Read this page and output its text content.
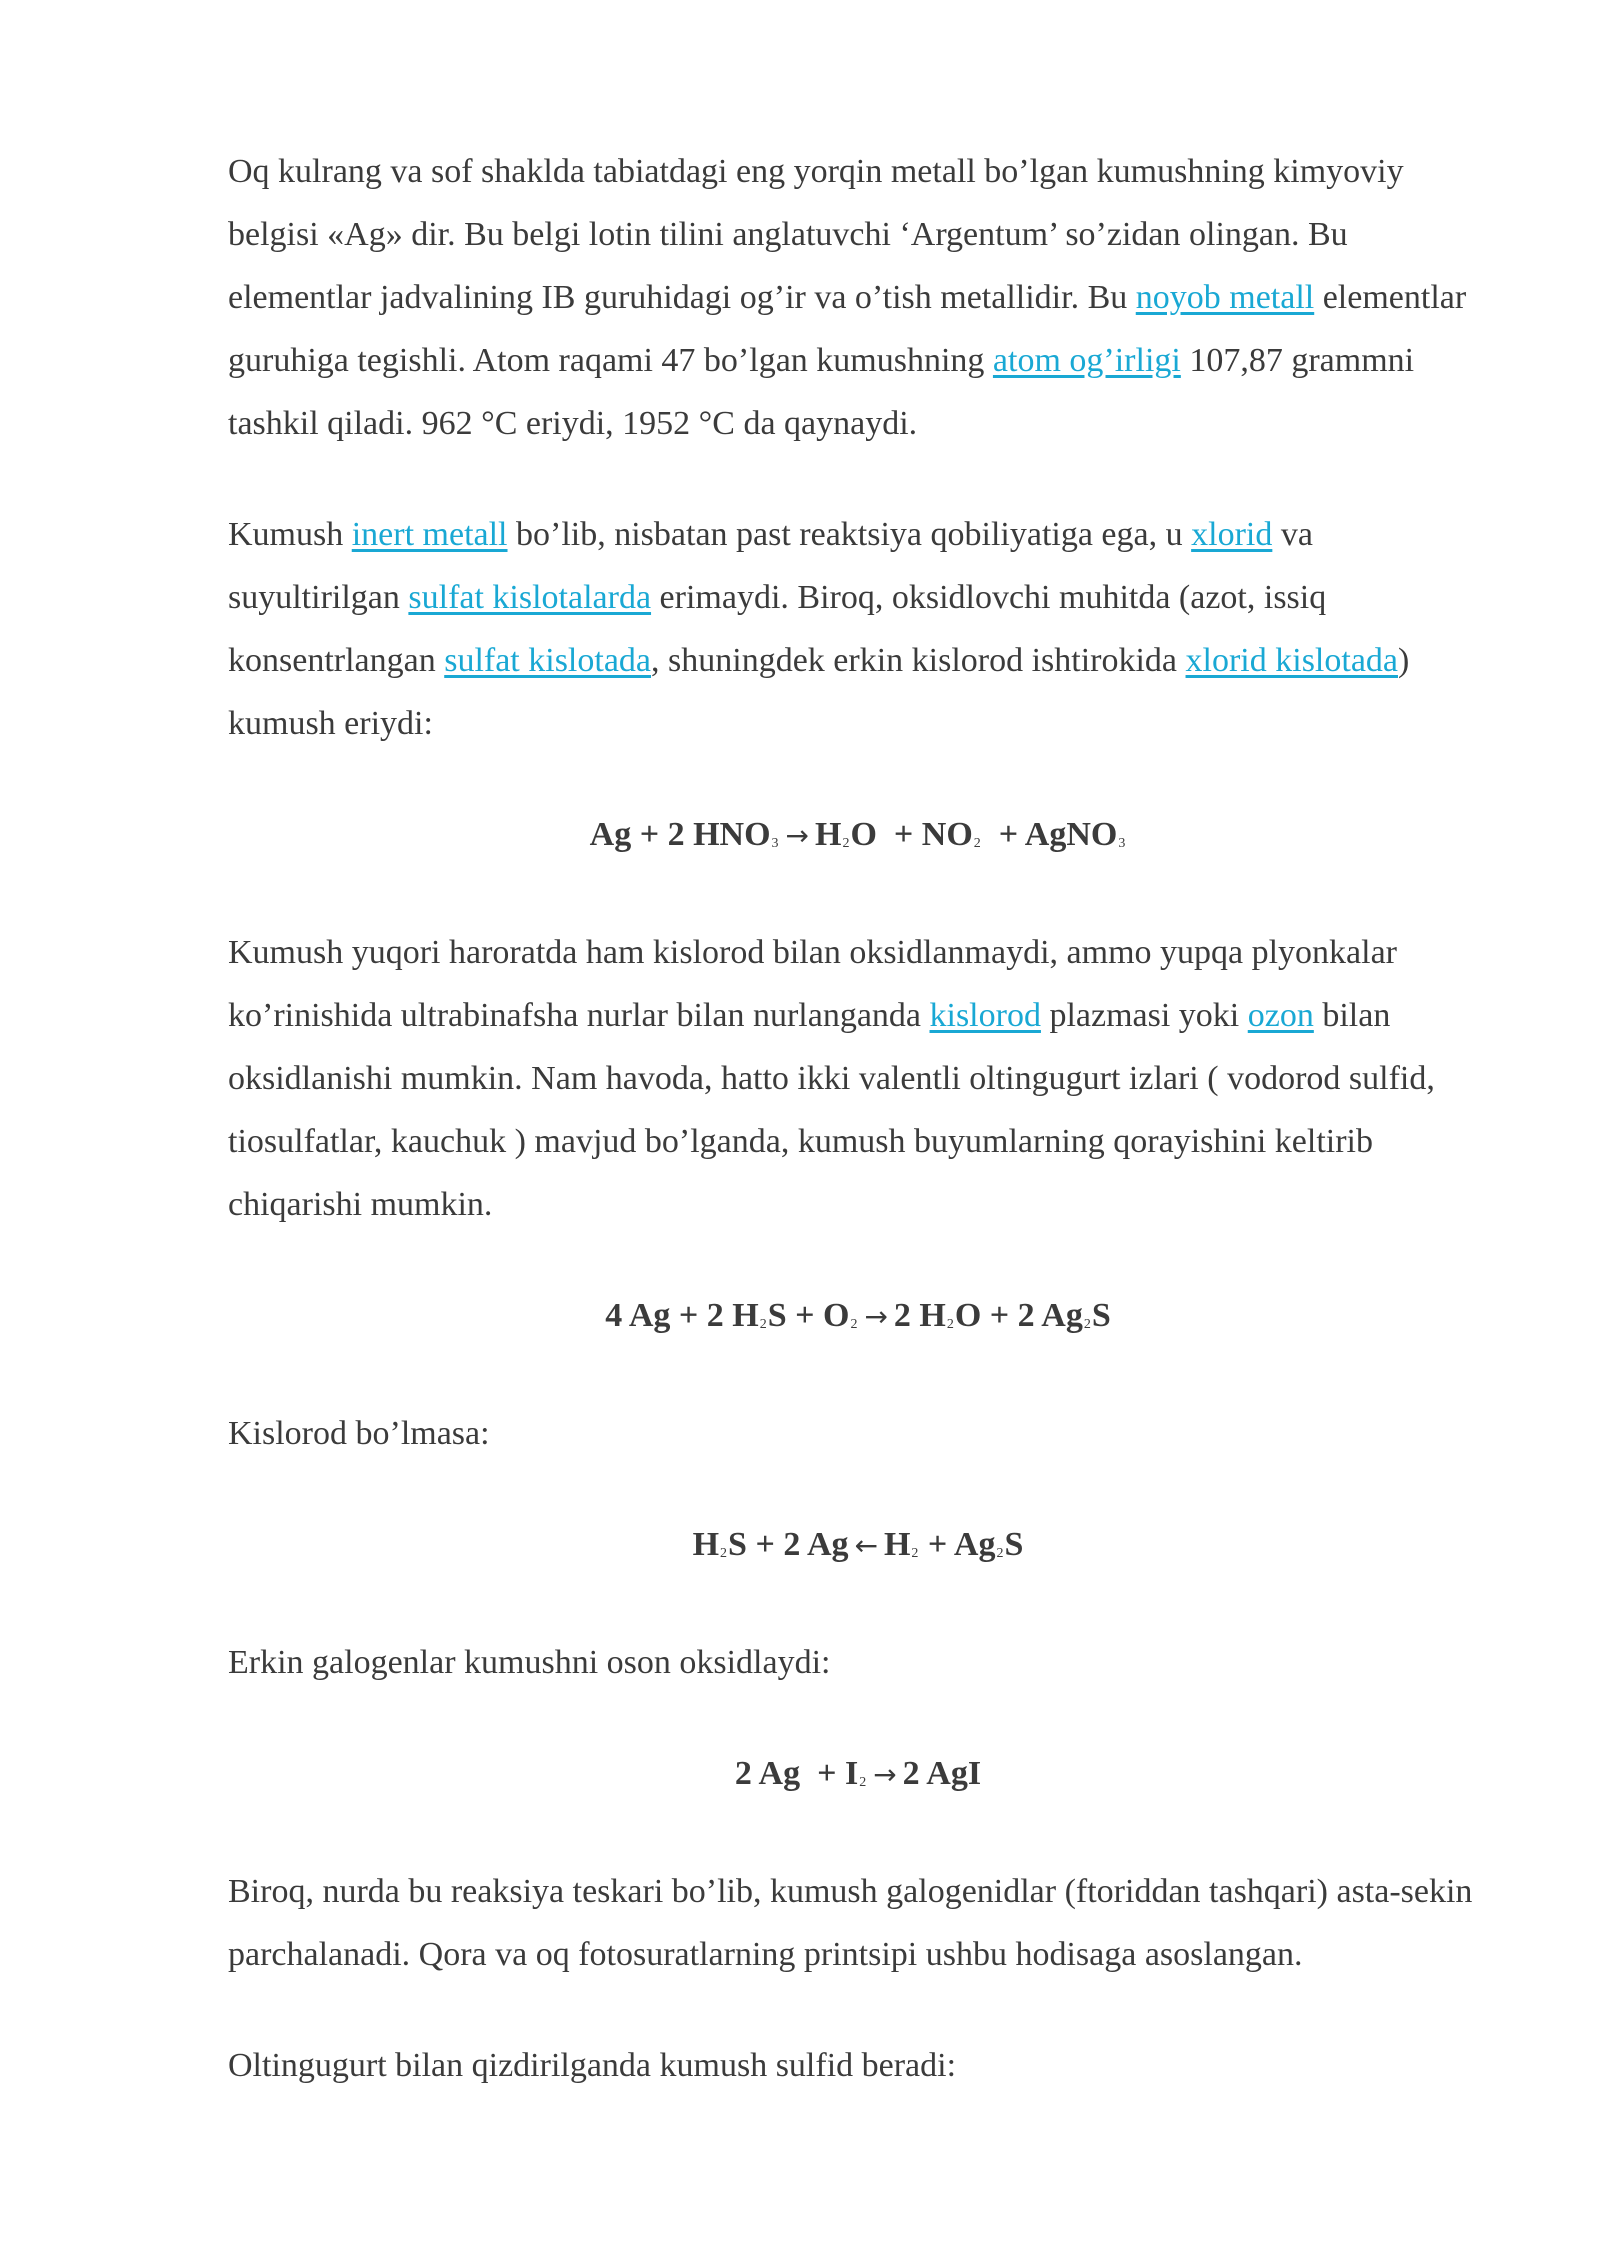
Oq kulrang va sof shaklda tabiatdagi eng yorqin metall bo’lgan kumushning kimyoviy belgisi «Ag» dir. Bu belgi lotin tilini anglatuvchi ‘Argentum’ so’zidan olingan. Bu elementlar jadvalining IB guruhidagi og’ir va o’tish metallidir. Bu noyob metall elementlar guruhiga tegishli. Atom raqami 47 bo’lgan kumushning atom og’irligi 107,87 grammni tashkil qiladi. 962 °C eriydi, 1952 °C da qaynaydi.

Kumush inert metall bo’lib, nisbatan past reaktsiya qobiliyatiga ega, u xlorid va suyultirilgan sulfat kislotalarda erimaydi. Biroq, oksidlovchi muhitda (azot, issiq konsentrlangan sulfat kislotada, shuningdek erkin kislorod ishtirokida xlorid kislotada) kumush eriydi:

Ag + 2 $HNO_3 \to H_2O + NO_2$  + AgNO$_3$

Kumush yuqori haroratda ham kislorod bilan oksidlanmaydi, ammo yupqa plyonkalar ko’rinishida ultrabinafsha nurlar bilan nurlanganda kislorod plazmasi yoki ozon bilan oksidlanishi mumkin. Nam havoda, hatto ikki valentli oltingugurt izlari ( vodorod sulfid, tiosulfatlar, kauchuk ) mavjud bo’lganda, kumush buyumlarning qorayishini keltirib chiqarishi mumkin.

4 Ag + 2 $H_2S + O_2 \to 2$ $H_2O + 2$ $Ag_2S$

Kislorod bo’lmasa:

$H_2S + 2$ Ag ← $H_2 + Ag_2S$

Erkin galogenlar kumushni oson oksidlaydi:

2 $Ag + I_2 \to 2$ AgI

Biroq, nurda bu reaksiya teskari bo’lib, kumush galogenidlar (ftoriddan tashqari) asta-sekin parchalanadi. Qora va oq fotosuratlarning printsipi ushbu hodisaga asoslangan.

Oltingugurt bilan qizdirilganda kumush sulfid beradi:
